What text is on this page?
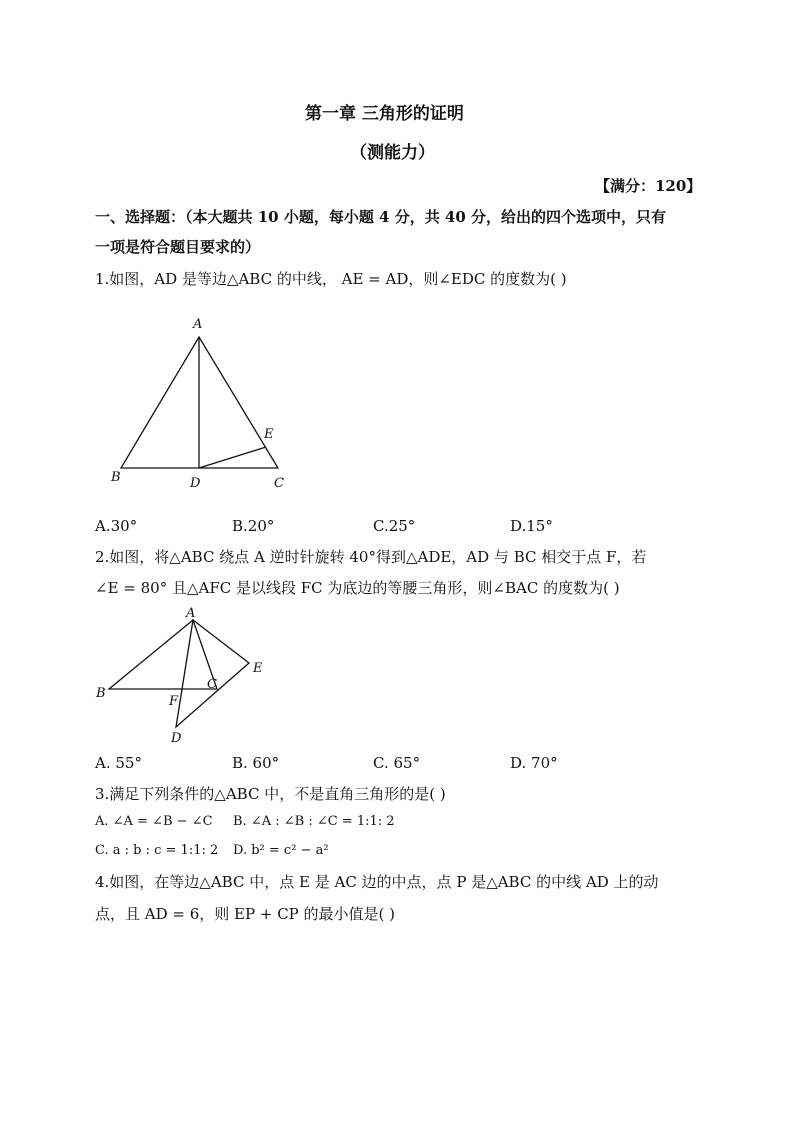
第一章 三角形的证明
（测能力）
【满分：120】
一、选择题：（本大题共 10 小题，每小题 4 分，共 40 分，给出的四个选项中，只有
一项是符合题目要求的）
1.如图，AD 是等边△ABC 的中线， AE = AD，则∠EDC 的度数为( )
A
B	D	C
E
A.30°	B.20°	C.25°	D.15°
2.如图，将△ABC 绕点 A 逆时针旋转 40°得到△ADE，AD 与 BC 相交于点 F，若
∠E = 80° 且△AFC 是以线段 FC 为底边的等腰三角形，则∠BAC 的度数为( )
A
B
C
E
F
D
A. 55°	B. 60°	C. 65°	D. 70°
3.满足下列条件的△ABC 中，不是直角三角形的是( )
A. ∠A = ∠B − ∠C B. ∠A : ∠B : ∠C = 1:1: 2
C. a : b : c = 1:1: 2 D. b² = c² − a²
4.如图，在等边△ABC 中，点 E 是 AC 边的中点，点 P 是△ABC 的中线 AD 上的动
点，且 AD = 6，则 EP + CP 的最小值是( )
